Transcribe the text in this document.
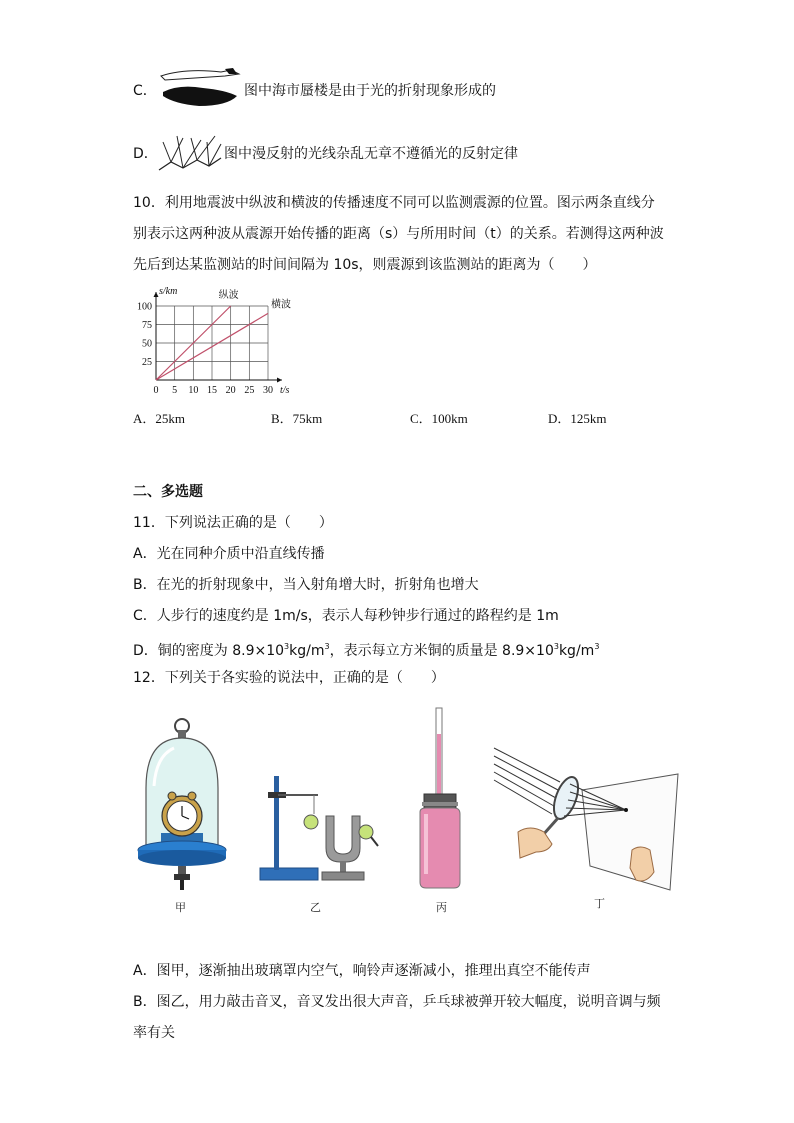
C．	图中海市蜃楼是由于光的折射现象形成的
D．	图中漫反射的光线杂乱无章不遵循光的反射定律
10．利用地震波中纵波和横波的传播速度不同可以监测震源的位置。图示两条直线分
别表示这两种波从震源开始传播的距离（s）与所用时间（t）的关系。若测得这两种波
先后到达某监测站的时间间隔为 10s，则震源到该监测站的距离为（　　）
0 5 10 15 20 25 30
25
50
75
100
s/km
t/s
纵波
横波
A．25km	B．75km	C．100km	D．125km
二、多选题
11．下列说法正确的是（　　）
A．光在同种介质中沿直线传播
B．在光的折射现象中，当入射角增大时，折射角也增大
C．人步行的速度约是 1m/s，表示人每秒钟步行通过的路程约是 1m
D．铜的密度为 $8.9\times 10^3kg/m^3$，表示每立方米铜的质量是 $8.9\times 10^3kg/m^3$
12．下列关于各实验的说法中，正确的是（　　）
甲	乙	丙	丁
A．图甲，逐渐抽出玻璃罩内空气，响铃声逐渐减小，推理出真空不能传声
B．图乙，用力敲击音叉，音叉发出很大声音，乒乓球被弹开较大幅度，说明音调与频
率有关
